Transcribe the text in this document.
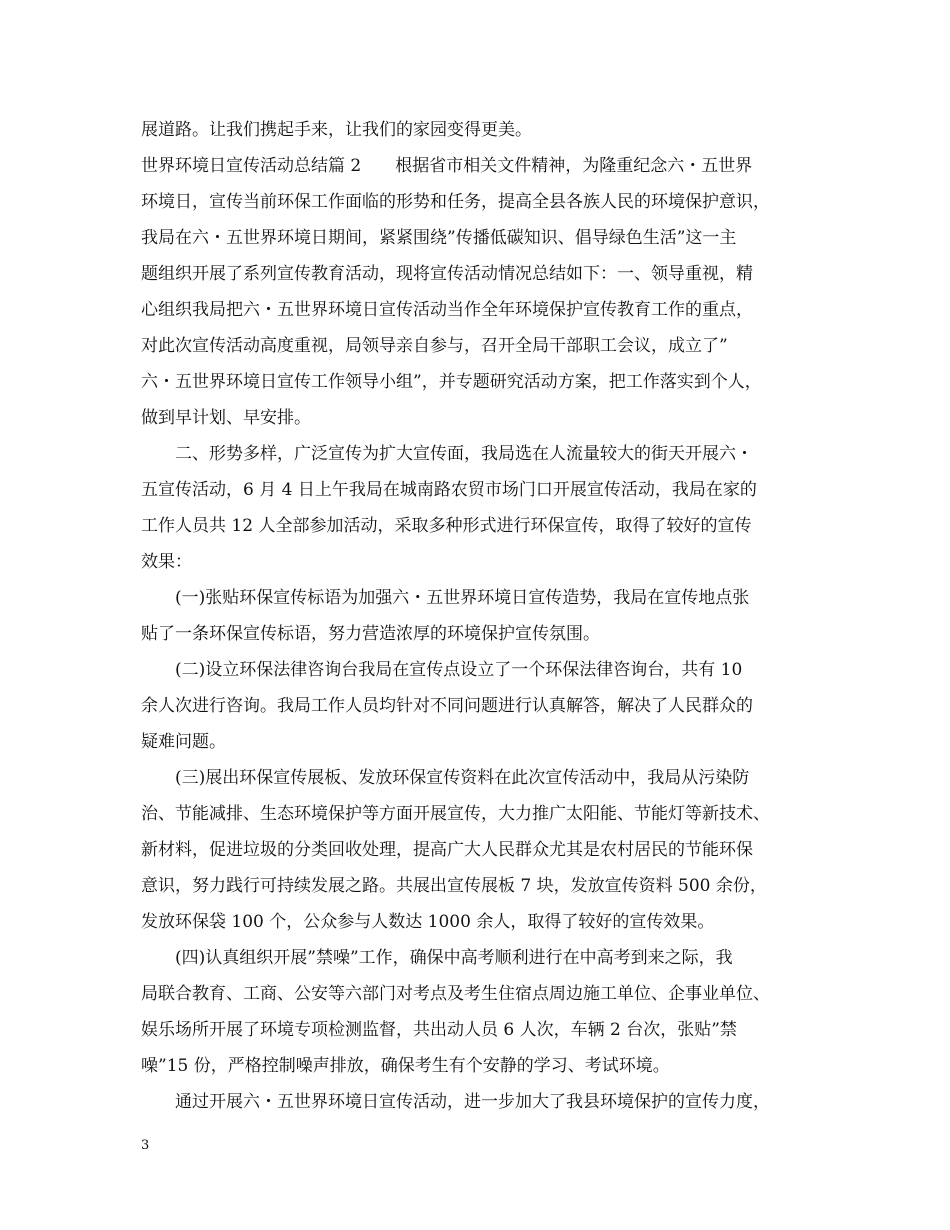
展道路。让我们携起手来，让我们的家园变得更美。
世界环境日宣传活动总结篇 2　　根据省市相关文件精神，为隆重纪念六・五世界
环境日，宣传当前环保工作面临的形势和任务，提高全县各族人民的环境保护意识，
我局在六・五世界环境日期间，紧紧围绕”传播低碳知识、倡导绿色生活”这一主
题组织开展了系列宣传教育活动，现将宣传活动情况总结如下：一、领导重视，精
心组织我局把六・五世界环境日宣传活动当作全年环境保护宣传教育工作的重点，
对此次宣传活动高度重视，局领导亲自参与，召开全局干部职工会议，成立了”
六・五世界环境日宣传工作领导小组”，并专题研究活动方案，把工作落实到个人，
做到早计划、早安排。
　　二、形势多样，广泛宣传为扩大宣传面，我局选在人流量较大的街天开展六・
五宣传活动，6 月 4 日上午我局在城南路农贸市场门口开展宣传活动，我局在家的
工作人员共 12 人全部参加活动，采取多种形式进行环保宣传，取得了较好的宣传
效果：
　　(一)张贴环保宣传标语为加强六・五世界环境日宣传造势，我局在宣传地点张
贴了一条环保宣传标语，努力营造浓厚的环境保护宣传氛围。
　　(二)设立环保法律咨询台我局在宣传点设立了一个环保法律咨询台，共有 10
余人次进行咨询。我局工作人员均针对不同问题进行认真解答，解决了人民群众的
疑难问题。
　　(三)展出环保宣传展板、发放环保宣传资料在此次宣传活动中，我局从污染防
治、节能减排、生态环境保护等方面开展宣传，大力推广太阳能、节能灯等新技术、
新材料，促进垃圾的分类回收处理，提高广大人民群众尤其是农村居民的节能环保
意识，努力践行可持续发展之路。共展出宣传展板 7 块，发放宣传资料 500 余份，
发放环保袋 100 个，公众参与人数达 1000 余人，取得了较好的宣传效果。
　　(四)认真组织开展”禁噪”工作，确保中高考顺利进行在中高考到来之际，我
局联合教育、工商、公安等六部门对考点及考生住宿点周边施工单位、企事业单位、
娱乐场所开展了环境专项检测监督，共出动人员 6 人次，车辆 2 台次，张贴”禁
噪”15 份，严格控制噪声排放，确保考生有个安静的学习、考试环境。
　　通过开展六・五世界环境日宣传活动，进一步加大了我县环境保护的宣传力度，
3
